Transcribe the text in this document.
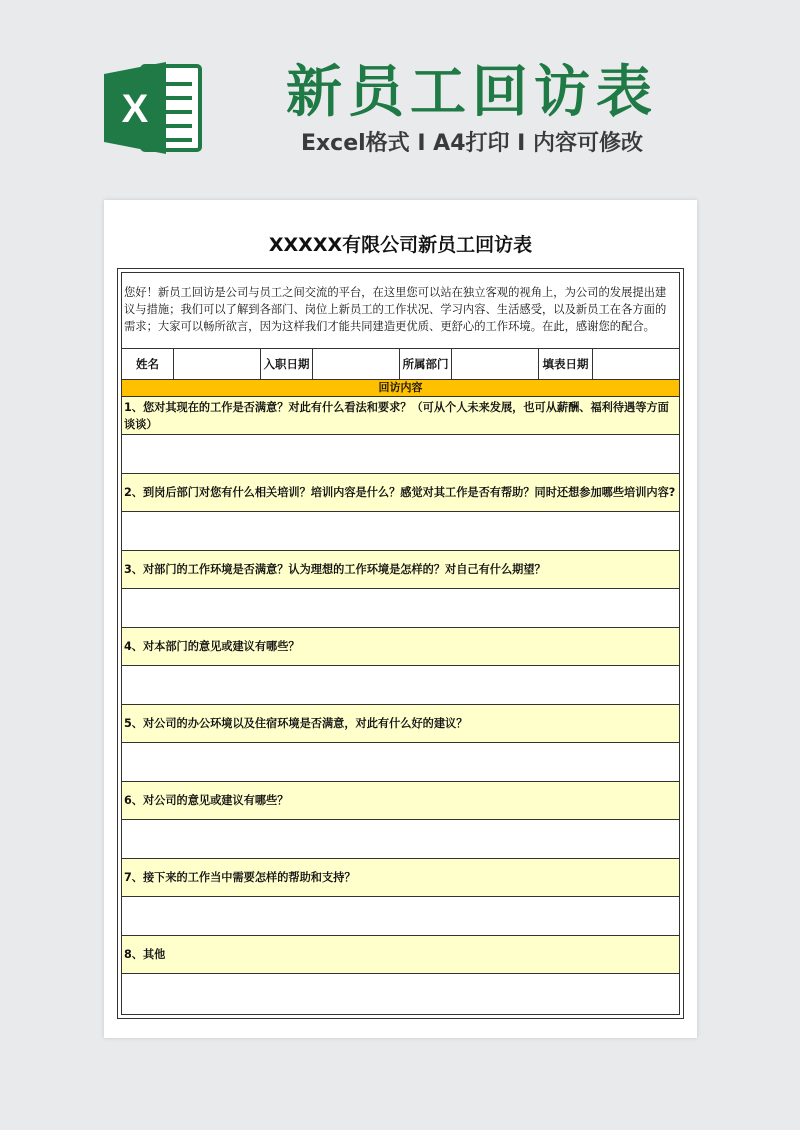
X	新员工回访表
Excel格式 I A4打印 I 内容可修改
XXXXX有限公司新员工回访表
您好！新员工回访是公司与员工之间交流的平台，在这里您可以站在独立客观的视角上，为公司的发展提出建议与措施；我们可以了解到各部门、岗位上新员工的工作状况、学习内容、生活感受，以及新员工在各方面的需求；大家可以畅所欲言，因为这样我们才能共同建造更优质、更舒心的工作环境。在此，感谢您的配合。
姓名	入职日期	所属部门	填表日期
回访内容
1、您对其现在的工作是否满意？对此有什么看法和要求？（可从个人未来发展，也可从薪酬、福利待遇等方面谈谈）
2、到岗后部门对您有什么相关培训？培训内容是什么？感觉对其工作是否有帮助？同时还想参加哪些培训内容?
3、对部门的工作环境是否满意？认为理想的工作环境是怎样的？对自己有什么期望？
4、对本部门的意见或建议有哪些？
5、对公司的办公环境以及住宿环境是否满意，对此有什么好的建议？
6、对公司的意见或建议有哪些？
7、接下来的工作当中需要怎样的帮助和支持？
8、其他
